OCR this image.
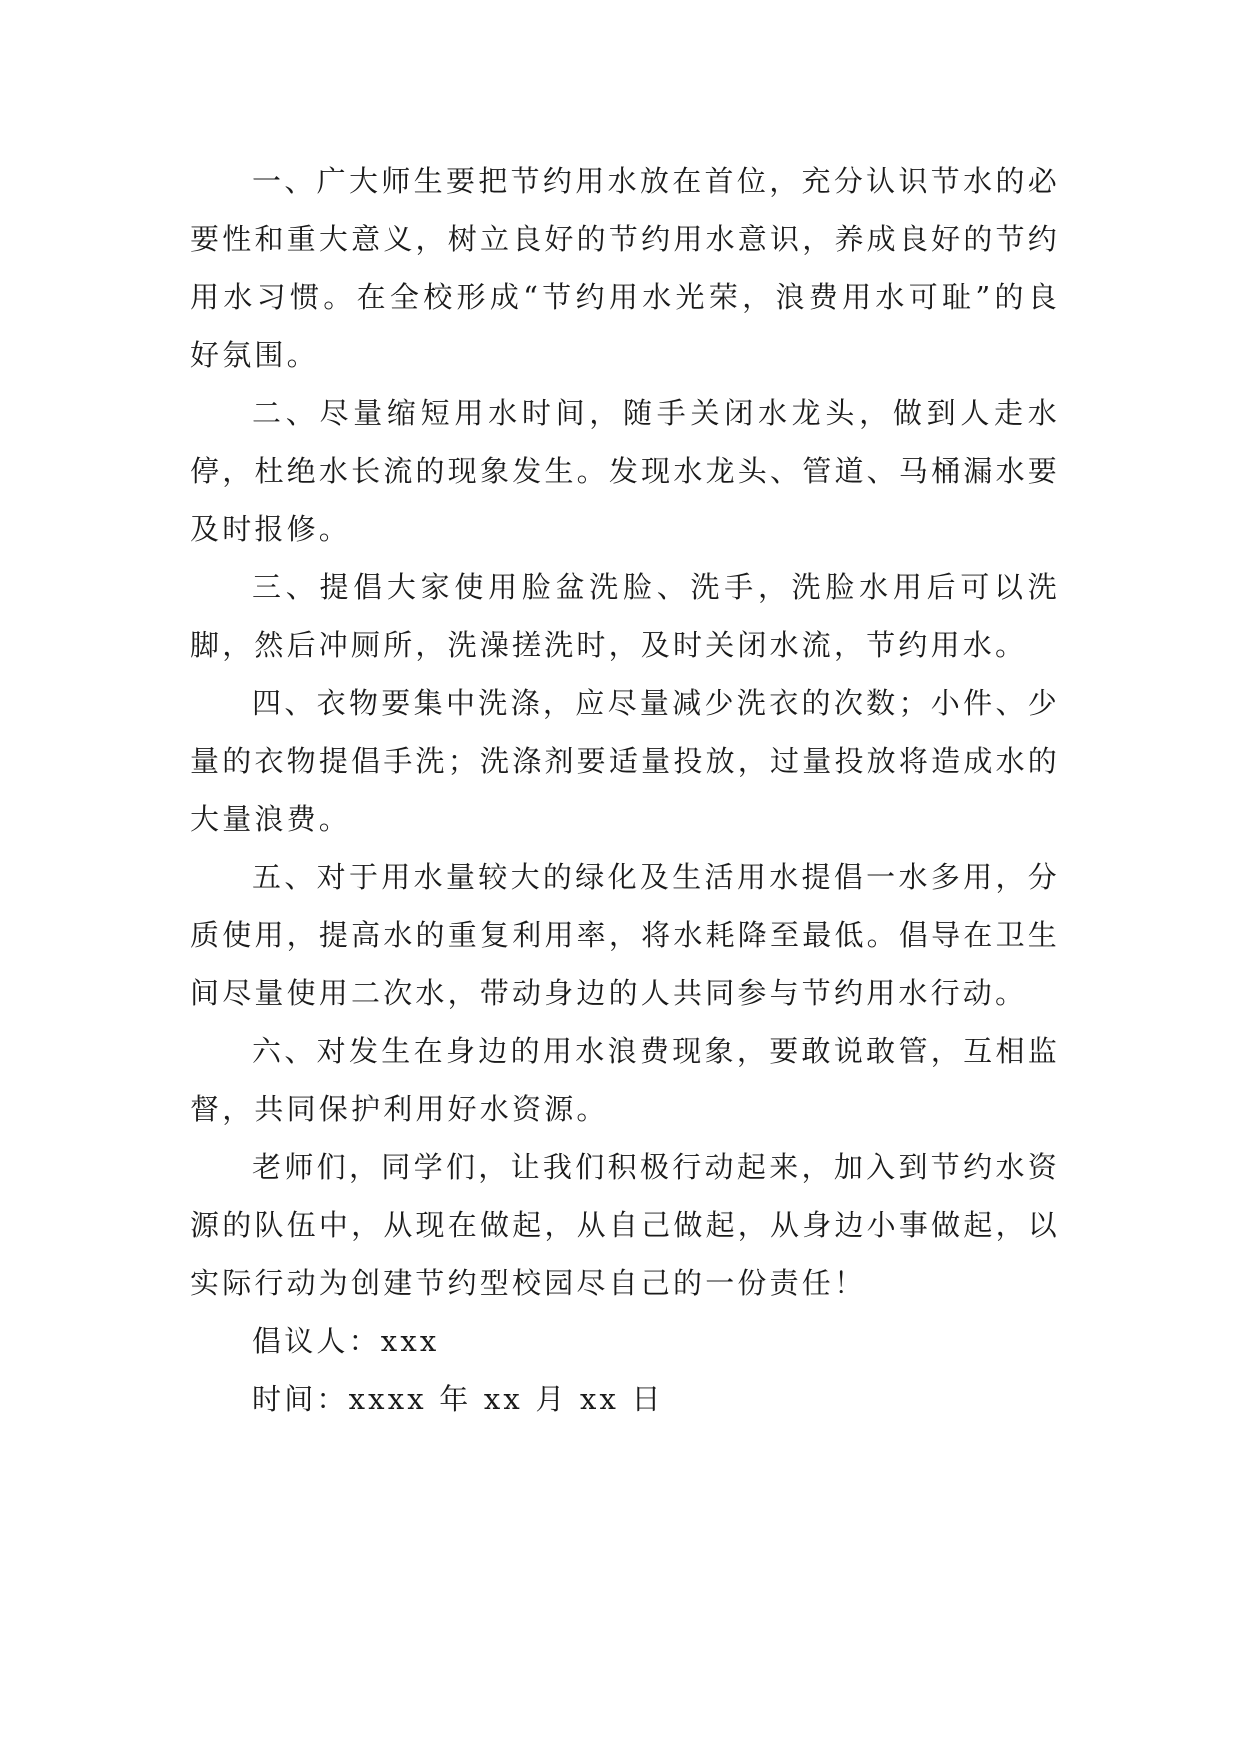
一、广大师生要把节约用水放在首位，充分认识节水的必要性和重大意义，树立良好的节约用水意识，养成良好的节约用水习惯。在全校形成“节约用水光荣，浪费用水可耻”的良好氛围。

二、尽量缩短用水时间，随手关闭水龙头，做到人走水停，杜绝水长流的现象发生。发现水龙头、管道、马桶漏水要及时报修。

三、提倡大家使用脸盆洗脸、洗手，洗脸水用后可以洗脚，然后冲厕所，洗澡搓洗时，及时关闭水流，节约用水。

四、衣物要集中洗涤，应尽量减少洗衣的次数；小件、少量的衣物提倡手洗；洗涤剂要适量投放，过量投放将造成水的大量浪费。

五、对于用水量较大的绿化及生活用水提倡一水多用，分质使用，提高水的重复利用率，将水耗降至最低。倡导在卫生间尽量使用二次水，带动身边的人共同参与节约用水行动。

六、对发生在身边的用水浪费现象，要敢说敢管，互相监督，共同保护利用好水资源。

老师们，同学们，让我们积极行动起来，加入到节约水资源的队伍中，从现在做起，从自己做起，从身边小事做起，以实际行动为创建节约型校园尽自己的一份责任！

倡议人：xxx

时间：xxxx 年 xx 月 xx 日
